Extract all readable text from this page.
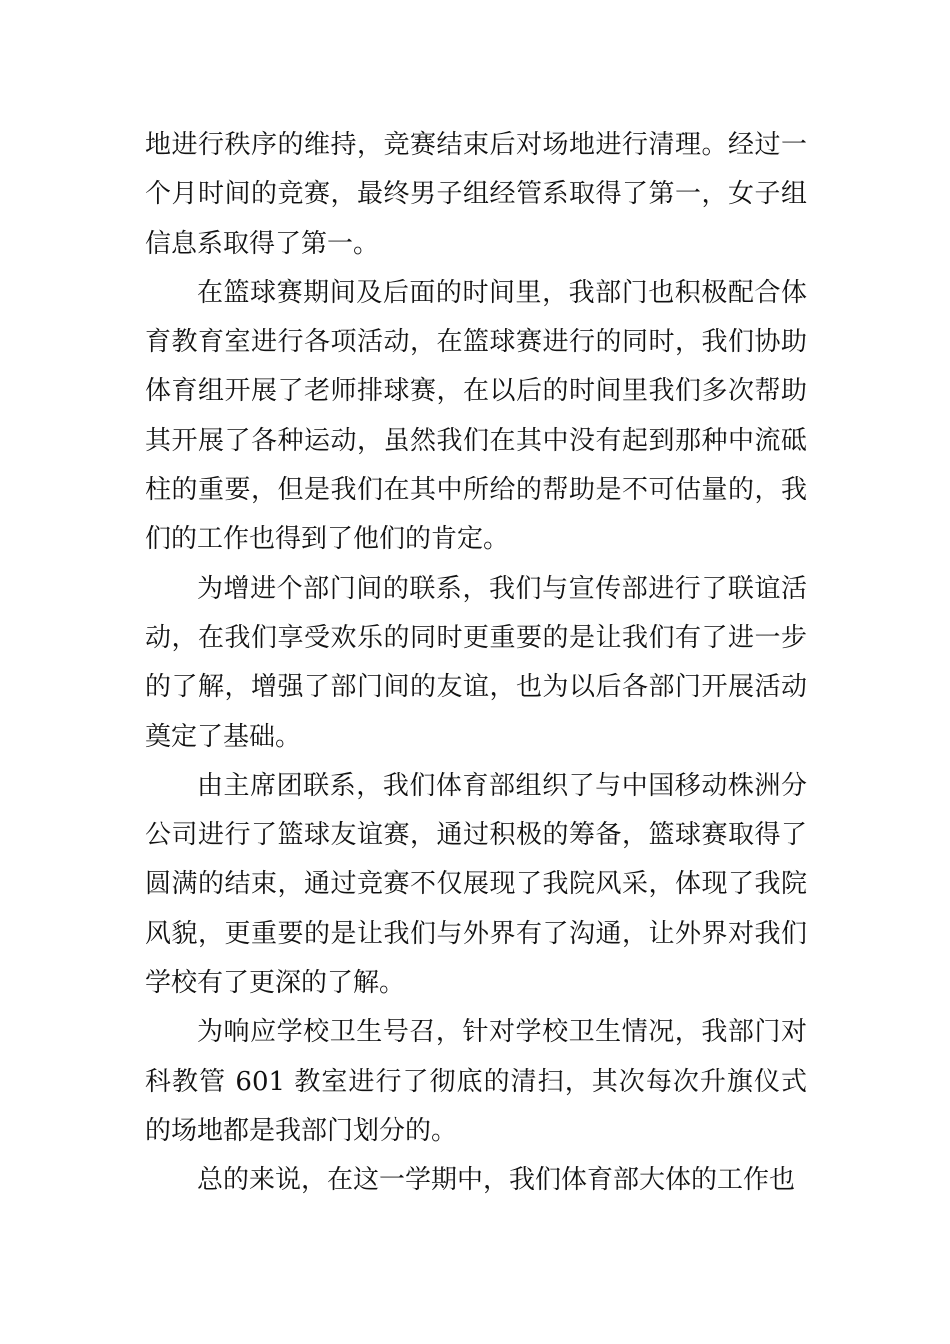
地进行秩序的维持，竞赛结束后对场地进行清理。经过一个月时间的竞赛，最终男子组经管系取得了第一，女子组信息系取得了第一。

在篮球赛期间及后面的时间里，我部门也积极配合体育教育室进行各项活动，在篮球赛进行的同时，我们协助体育组开展了老师排球赛，在以后的时间里我们多次帮助其开展了各种运动，虽然我们在其中没有起到那种中流砥柱的重要，但是我们在其中所给的帮助是不可估量的，我们的工作也得到了他们的肯定。

为增进个部门间的联系，我们与宣传部进行了联谊活动，在我们享受欢乐的同时更重要的是让我们有了进一步的了解，增强了部门间的友谊，也为以后各部门开展活动奠定了基础。

由主席团联系，我们体育部组织了与中国移动株洲分公司进行了篮球友谊赛，通过积极的筹备，篮球赛取得了圆满的结束，通过竞赛不仅展现了我院风采，体现了我院风貌，更重要的是让我们与外界有了沟通，让外界对我们学校有了更深的了解。

为响应学校卫生号召，针对学校卫生情况，我部门对科教管 601 教室进行了彻底的清扫，其次每次升旗仪式的场地都是我部门划分的。

总的来说，在这一学期中，我们体育部大体的工作也
